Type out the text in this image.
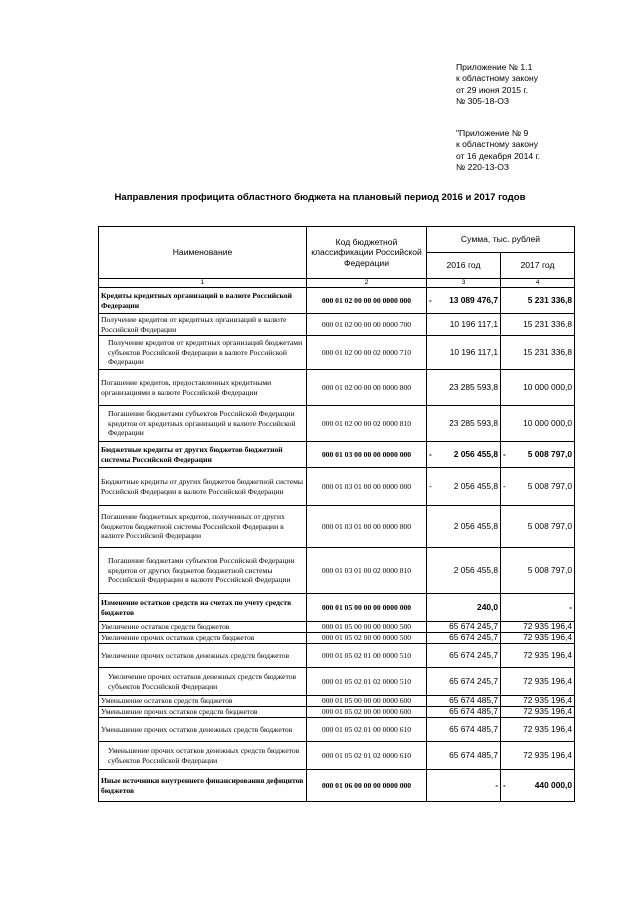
Приложение № 1.1
к областному закону
от 29 июня 2015 г.
№ 305-18-ОЗ
"Приложение № 9
к областному закону
от 16 декабря 2014 г.
№ 220-13-ОЗ
Направления профицита областного бюджета на плановый период 2016 и 2017 годов
Наименование	Код бюджетной классификации Российской Федерации	Сумма, тыс. рублей	
		2016 год	2017 год
1	2	3	4
Кредиты кредитных организаций в валюте Российской Федерации	000 01 02 00 00 00 0000 000	- 13 089 476,7	5 231 336,8

Получение кредитов от кредитных организаций в валюте Российской Федерации	000 01 02 00 00 00 0000 700	10 196 117,1	15 231 336,8

Получение кредитов от кредитных организаций бюджетами субъектов Российской Федерации в валюте Российской Федерации	000 01 02 00 00 02 0000 710	10 196 117,1	15 231 336,8

Погашение кредитов, предоставленных кредитными организациями в валюте Российской Федерации	000 01 02 00 00 00 0000 800	23 285 593,8	10 000 000,0

Погашение бюджетами субъектов Российской Федерации кредитов от кредитных организаций в валюте Российской Федерации	000 01 02 00 00 02 0000 810	23 285 593,8	10 000 000,0

Бюджетные кредиты от других бюджетов бюджетной системы Российской Федерации	000 01 03 00 00 00 0000 000	- 2 056 455,8	- 5 008 797,0

Бюджетные кредиты от других бюджетов бюджетной системы Российской Федерации в валюте Российской Федерации	000 01 03 01 00 00 0000 000	- 2 056 455,8	- 5 008 797,0

Погашение бюджетных кредитов, полученных от других бюджетов бюджетной системы Российской Федерации в валюте Российской Федерации	000 01 03 01 00 00 0000 800	2 056 455,8	5 008 797,0

Погашение бюджетами субъектов Российской Федерации кредитов от других бюджетов бюджетной системы Российской Федерации в валюте Российской Федерации	000 01 03 01 00 02 0000 810	2 056 455,8	5 008 797,0

Изменение остатков средств на счетах по учету средств бюджетов	000 01 05 00 00 00 0000 000	240,0	-

Увеличение остатков средств бюджетов	000 01 05 00 00 00 0000 500	65 674 245,7	72 935 196,4

Увеличение прочих остатков средств бюджетов	000 01 05 02 00 00 0000 500	65 674 245,7	72 935 196,4

Увеличение прочих остатков денежных средств бюджетов	000 01 05 02 01 00 0000 510	65 674 245,7	72 935 196,4

Увеличение прочих остатков денежных средств бюджетов субъектов Российской Федерации	000 01 05 02 01 02 0000 510	65 674 245,7	72 935 196,4

Уменьшение остатков средств бюджетов	000 01 05 00 00 00 0000 600	65 674 485,7	72 935 196,4

Уменьшение прочих остатков средств бюджетов	000 01 05 02 00 00 0000 600	65 674 485,7	72 935 196,4

Уменьшение прочих остатков денежных средств бюджетов	000 01 05 02 01 00 0000 610	65 674 485,7	72 935 196,4

Уменьшение прочих остатков денежных средств бюджетов субъектов Российской Федерации	000 01 05 02 01 02 0000 610	65 674 485,7	72 935 196,4

Иные источники внутреннего финансирования дефицитов бюджетов	000 01 06 00 00 00 0000 000	-	- 440 000,0
